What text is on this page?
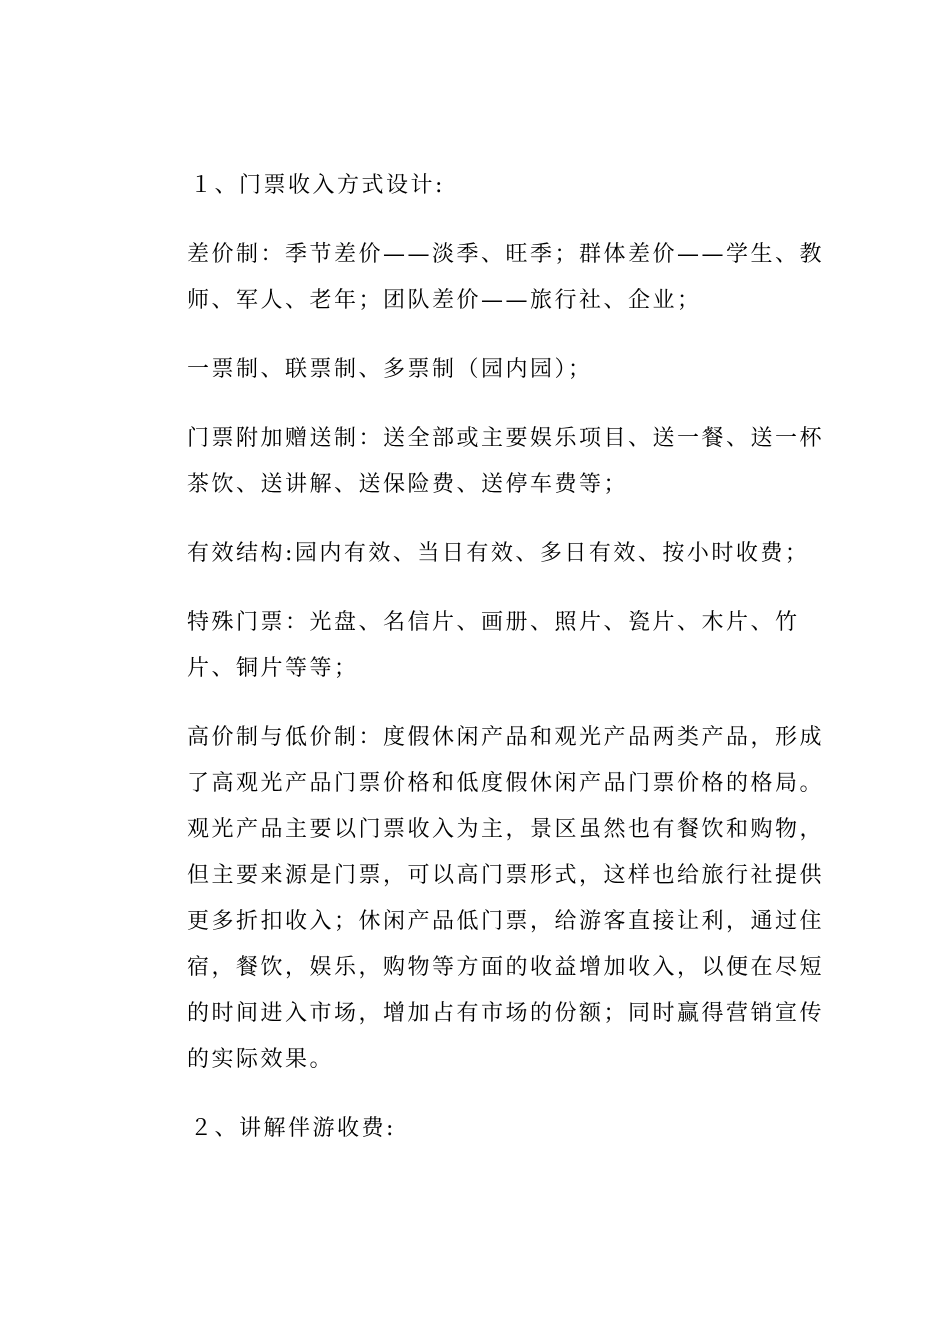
１、门票收入方式设计:

差价制：季节差价——淡季、旺季；群体差价——学生、教师、军人、老年；团队差价——旅行社、企业；

一票制、联票制、多票制（园内园）；

门票附加赠送制：送全部或主要娱乐项目、送一餐、送一杯茶饮、送讲解、送保险费、送停车费等；

有效结构:园内有效、当日有效、多日有效、按小时收费；

特殊门票：光盘、名信片、画册、照片、瓷片、木片、竹片、铜片等等；

高价制与低价制：度假休闲产品和观光产品两类产品，形成了高观光产品门票价格和低度假休闲产品门票价格的格局。观光产品主要以门票收入为主，景区虽然也有餐饮和购物，但主要来源是门票，可以高门票形式，这样也给旅行社提供更多折扣收入；休闲产品低门票，给游客直接让利，通过住宿，餐饮，娱乐，购物等方面的收益增加收入，以便在尽短的时间进入市场，增加占有市场的份额；同时赢得营销宣传的实际效果。

２、讲解伴游收费:
